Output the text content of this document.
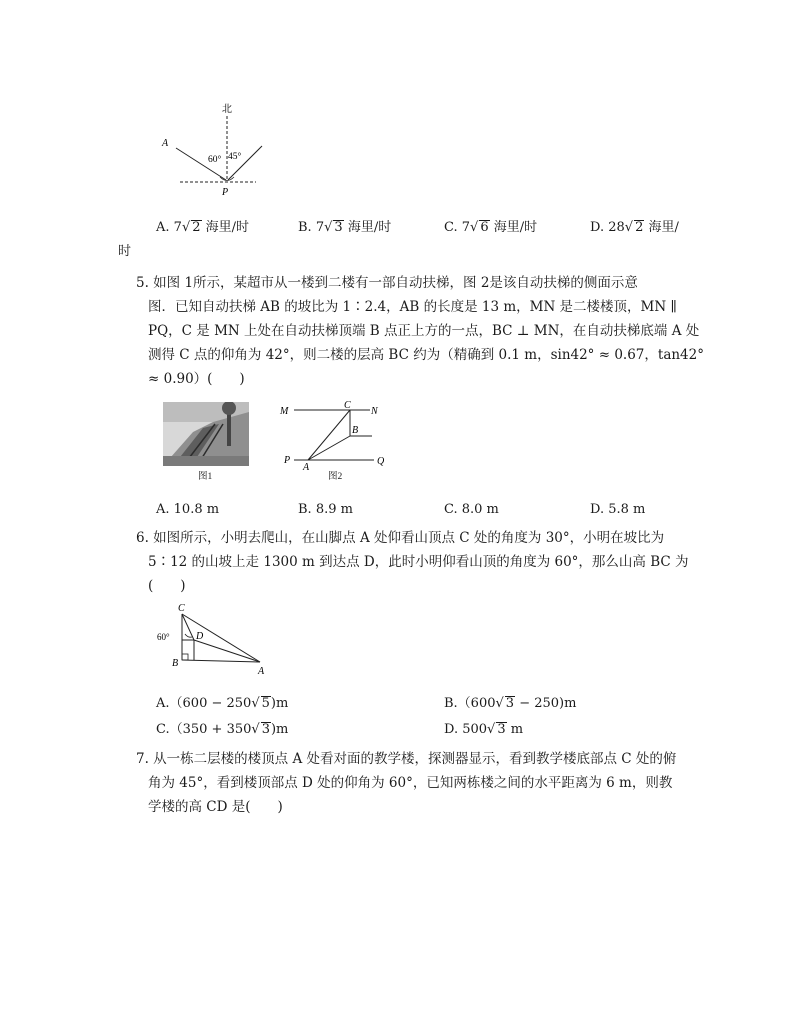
北
A
P
60° 45°
A. 7√ 2 海里/时	B. 7√ 3 海里/时	C. 7√ 6 海里/时	D. 28√ 2 海里/
时
5. 如图 1所示，某超市从一楼到二楼有一部自动扶梯，图 2是该自动扶梯的侧面示意
图．已知自动扶梯 AB 的坡比为 1∶2.4，AB 的长度是 13 m，MN 是二楼楼顶，MN ∥
PQ，C 是 MN 上处在自动扶梯顶端 B 点正上方的一点，BC ⊥ MN，在自动扶梯底端 A 处
测得 C 点的仰角为 42°，则二楼的层高 BC 约为（精确到 0.1 m，sin42° ≈ 0.67，tan42°
≈ 0.90）(　　)
图1
M
C
N
B
P
A
Q
图2
A. 10.8 m	B. 8.9 m	C. 8.0 m	D. 5.8 m
6. 如图所示，小明去爬山，在山脚点 A 处仰看山顶点 C 处的角度为 30°，小明在坡比为
5∶12 的山坡上走 1300 m 到达点 D，此时小明仰看山顶的角度为 60°，那么山高 BC 为
(　　)
C
D
B
A
60°
A.（600 − 250√ 5)m	B.（600√ 3 − 250)m
C.（350 + 350√ 3)m	D. 500√ 3 m
7. 从一栋二层楼的楼顶点 A 处看对面的教学楼，探测器显示，看到教学楼底部点 C 处的俯
角为 45°，看到楼顶部点 D 处的仰角为 60°，已知两栋楼之间的水平距离为 6 m，则教
学楼的高 CD 是(　　)
